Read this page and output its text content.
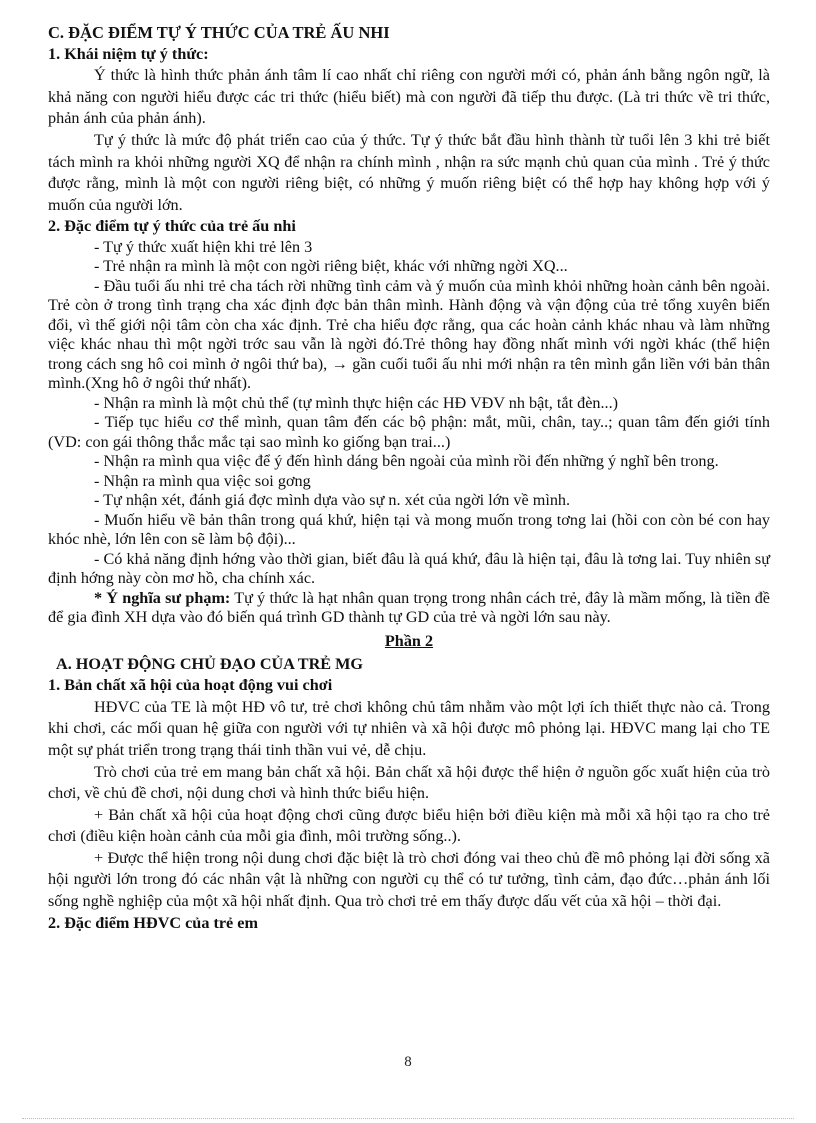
C. ĐẶC ĐIỂM TỰ Ý THỨC CỦA TRẺ ẤU NHI

1. Khái niệm tự ý thức:

Ý thức là hình thức phản ánh tâm lí cao nhất chỉ riêng con người mới có, phản ánh bằng ngôn ngữ, là khả năng con người hiểu được các tri thức (hiểu biết) mà con người đã tiếp thu được. (Là tri thức về tri thức, phản ánh của phản ánh).

Tự ý thức là mức độ phát triển cao của ý thức. Tự ý thức bắt đầu hình thành từ tuổi lên 3 khi trẻ biết tách mình ra khỏi những người XQ để nhận ra chính mình , nhận ra sức mạnh chủ quan của mình . Trẻ ý thức được rằng, mình là một con người riêng biệt, có những ý muốn riêng biệt có thể hợp hay không hợp với ý muốn của người lớn.

2. Đặc điểm tự ý thức của trẻ ấu nhi

- Tự ý thức xuất hiện khi trẻ lên 3

- Trẻ nhận ra mình là một con ngời riêng biệt, khác với những ngời XQ...

- Đầu tuổi ấu nhi trẻ cha tách rời những tình cảm và ý muốn của mình khỏi những hoàn cảnh bên ngoài. Trẻ còn ở trong tình trạng cha xác định đợc bản thân mình. Hành động và vận động của trẻ tổng xuyên biến đổi, vì thế giới nội tâm còn cha xác định. Trẻ cha hiểu đợc rằng, qua các hoàn cảnh khác nhau và làm những việc khác nhau thì một ngời trớc sau vẫn là ngời đó.Trẻ thông hay đồng nhất mình với ngời khác (thể hiện trong cách sng hô coi mình ở ngôi thứ ba), → gần cuối tuổi ấu nhi mới nhận ra tên mình gắn liền với bản thân mình.(Xng hô ở ngôi thứ nhất).

- Nhận ra mình là một chủ thể (tự mình thực hiện các HĐ VĐV nh bật, tắt đèn...)

- Tiếp tục hiểu cơ thể mình, quan tâm đến các bộ phận: mắt, mũi, chân, tay..; quan tâm đến giới tính (VD: con gái thông thắc mắc tại sao mình ko giống bạn trai...)

- Nhận ra mình qua việc để ý đến hình dáng bên ngoài của mình rồi đến những ý nghĩ bên trong.

- Nhận ra mình qua việc soi gơng

- Tự nhận xét, đánh giá đợc mình dựa vào sự n. xét của ngời lớn về mình.

- Muốn hiểu về bản thân trong quá khứ, hiện tại và mong muốn trong tơng lai (hồi con còn bé con hay khóc nhè, lớn lên con sẽ làm bộ đội)...

- Có khả năng định hớng vào thời gian, biết đâu là quá khứ, đâu là hiện tại, đâu là tơng lai. Tuy nhiên sự định hớng này còn mơ hồ, cha chính xác.

* Ý nghĩa sư phạm: Tự ý thức là hạt nhân quan trọng trong nhân cách trẻ, đây là mầm mống, là tiền đề để gia đình XH dựa vào đó biến quá trình GD thành tự GD của trẻ và ngời lớn sau này.

Phần 2

A. HOẠT ĐỘNG CHỦ ĐẠO CỦA TRẺ MG

1. Bản chất xã hội của hoạt động vui chơi

HĐVC của TE là một HĐ vô tư, trẻ chơi không chủ tâm nhằm vào một lợi ích thiết thực nào cả. Trong khi chơi, các mối quan hệ giữa con người với tự nhiên và xã hội được mô phỏng lại. HĐVC mang lại cho TE một sự phát triển trong trạng thái tinh thần vui vẻ, dễ chịu.

Trò chơi của trẻ em mang bản chất xã hội. Bản chất xã hội được thể hiện ở nguồn gốc xuất hiện của trò chơi, về chủ đề chơi, nội dung chơi và hình thức biểu hiện.

+ Bản chất xã hội của hoạt động chơi cũng được biểu hiện bởi điều kiện mà mỗi xã hội tạo ra cho trẻ chơi (điều kiện hoàn cảnh của mỗi gia đình, môi trường sống..).

+ Được thể hiện trong nội dung chơi đặc biệt là trò chơi đóng vai theo chủ đề mô phỏng lại đời sống xã hội người lớn trong đó các nhân vật là những con người cụ thể có tư tưởng, tình cảm, đạo đức…phản ánh lối sống nghề nghiệp của một xã hội nhất định. Qua trò chơi trẻ em thấy được dấu vết của xã hội – thời đại.

2. Đặc điểm HĐVC của trẻ em

8
